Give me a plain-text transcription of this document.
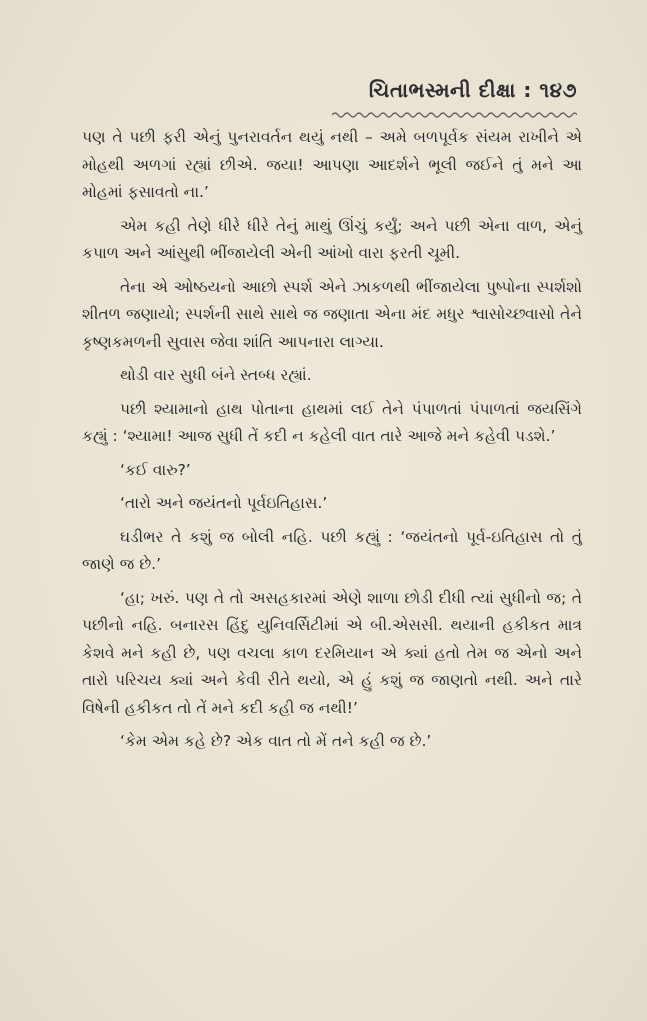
ચિતાભસ્મની દીક્ષા : ૧૪૭

પણ તે પછી ફરી એનું પુનરાવર્તન થયું નથી – અમે બળપૂર્વક સંયમ રાખીને એ મોહથી અળગાં રહ્યાં છીએ. જયા! આપણા આદર્શને ભૂલી જઈને તું મને આ મોહમાં ફસાવતો ના.’

એમ કહી તેણે ધીરે ધીરે તેનું માથું ઊંચું કર્યું; અને પછી એના વાળ, એનું કપાળ અને આંસુથી ભીંજાયેલી એની આંખો વારા ફરતી ચૂમી.

તેના એ ઓષ્ઠયનો આછો સ્પર્શ એને ઝાકળથી ભીંજાયેલા પુષ્પોના સ્પર્શશો શીતળ જણાયો; સ્પર્શની સાથે સાથે જ જણાતા એના મંદ મધુર શ્વાસોચ્છ્વાસો તેને કૃષ્ણકમળની સુવાસ જેવા શાંતિ આપનારા લાગ્યા.

થોડી વાર સુધી બંને સ્તબ્ધ રહ્યાં.

પછી શ્યામાનો હાથ પોતાના હાથમાં લઈ તેને પંપાળતાં પંપાળતાં જયસિંગે કહ્યું : ‘શ્યામા! આજ સુધી તેં કદી ન કહેલી વાત તારે આજે મને કહેવી પડશે.’

‘કઈ વારુ?’

‘તારો અને જયંતનો પૂર્વઇતિહાસ.’

ઘડીભર તે કશું જ બોલી નહિ. પછી કહ્યું : ‘જયંતનો પૂર્વ-ઇતિહાસ તો તું જાણે જ છે.’

‘હા; ખરું. પણ તે તો અસહકારમાં એણે શાળા છોડી દીધી ત્યાં સુધીનો જ; તે પછીનો નહિ. બનારસ હિંદુ યુનિવર્સિટીમાં એ બી.એસસી. થયાની હકીકત માત્ર કેશવે મને કહી છે, પણ વચલા કાળ દરમિયાન એ ક્યાં હતો તેમ જ એનો અને તારો પરિચય ક્યાં અને કેવી રીતે થયો, એ હું કશું જ જાણતો નથી. અને તારે વિષેની હકીકત તો તેં મને કદી કહી જ નથી!’

‘કેમ એમ કહે છે? એક વાત તો મેં તને કહી જ છે.’
